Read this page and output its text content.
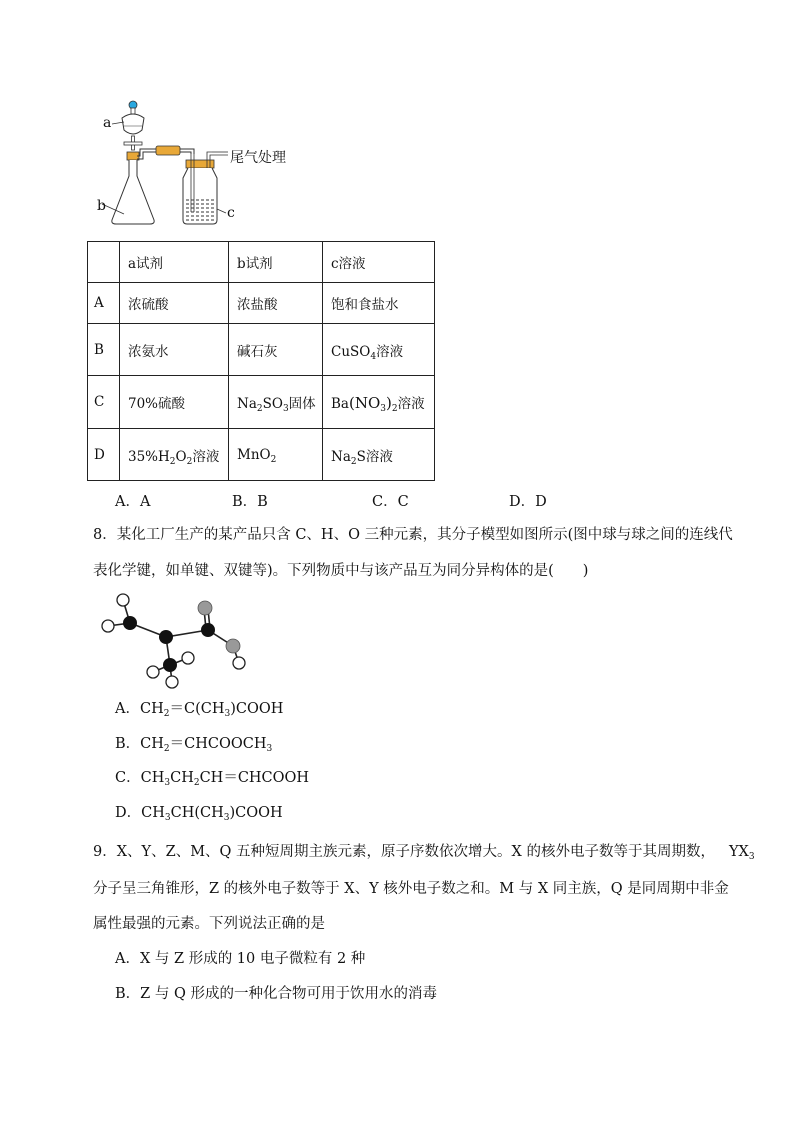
a
b	c
尾气处理
	a试剂	b试剂	c溶液
A	浓硫酸	浓盐酸	饱和食盐水
B	浓氨水	碱石灰	CuSO$_4$溶液
C	70%硫酸	$Na_2SO_3$固体	$Ba(NO_3)_2$溶液
D	$35\%H_2O_2$溶液	MnO$_2$	$Na_2S$溶液
A．A	B．B	C．C	D．D
8．某化工厂生产的某产品只含 C、H、O 三种元素，其分子模型如图所示(图中球与球之间的连线代
表化学键，如单键、双键等)。下列物质中与该产品互为同分异构体的是(　　)
A．$CH_2=C(CH_3)COOH$
B．$CH_2=CHCOOCH_3$
C．$CH_3CH_2CH=CHCOOH$
D．$CH_3CH(CH_3)COOH$
9．X、Y、Z、M、Q 五种短周期主族元素，原子序数依次增大。X 的核外电子数等于其周期数， $YX_3$
分子呈三角锥形，Z 的核外电子数等于 X、Y 核外电子数之和。M 与 X 同主族，Q 是同周期中非金
属性最强的元素。下列说法正确的是
A．X 与 Z 形成的 10 电子微粒有 2 种
B．Z 与 Q 形成的一种化合物可用于饮用水的消毒
